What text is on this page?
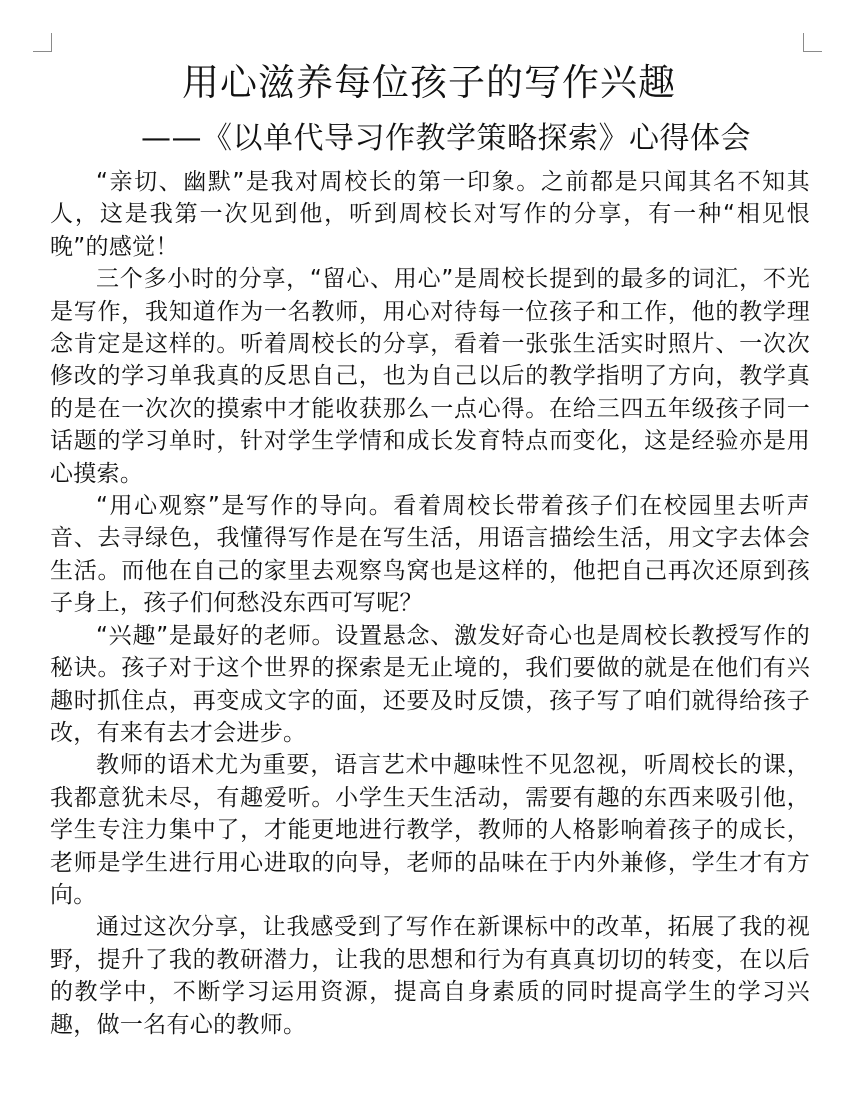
用心滋养每位孩子的写作兴趣
——《以单代导习作教学策略探索》心得体会

“亲切、幽默”是我对周校长的第一印象。之前都是只闻其名不知其人，这是我第一次见到他，听到周校长对写作的分享，有一种“相见恨晚”的感觉！

三个多小时的分享，“留心、用心”是周校长提到的最多的词汇，不光是写作，我知道作为一名教师，用心对待每一位孩子和工作，他的教学理念肯定是这样的。听着周校长的分享，看着一张张生活实时照片、一次次修改的学习单我真的反思自己，也为自己以后的教学指明了方向，教学真的是在一次次的摸索中才能收获那么一点心得。在给三四五年级孩子同一话题的学习单时，针对学生学情和成长发育特点而变化，这是经验亦是用心摸索。

“用心观察”是写作的导向。看着周校长带着孩子们在校园里去听声音、去寻绿色，我懂得写作是在写生活，用语言描绘生活，用文字去体会生活。而他在自己的家里去观察鸟窝也是这样的，他把自己再次还原到孩子身上，孩子们何愁没东西可写呢？

“兴趣”是最好的老师。设置悬念、激发好奇心也是周校长教授写作的秘诀。孩子对于这个世界的探索是无止境的，我们要做的就是在他们有兴趣时抓住点，再变成文字的面，还要及时反馈，孩子写了咱们就得给孩子改，有来有去才会进步。

教师的语术尤为重要，语言艺术中趣味性不见忽视，听周校长的课，我都意犹未尽，有趣爱听。小学生天生活动，需要有趣的东西来吸引他，学生专注力集中了，才能更地进行教学，教师的人格影响着孩子的成长，老师是学生进行用心进取的向导，老师的品味在于内外兼修，学生才有方向。

通过这次分享，让我感受到了写作在新课标中的改革，拓展了我的视野，提升了我的教研潜力，让我的思想和行为有真真切切的转变，在以后的教学中，不断学习运用资源，提高自身素质的同时提高学生的学习兴趣，做一名有心的教师。
